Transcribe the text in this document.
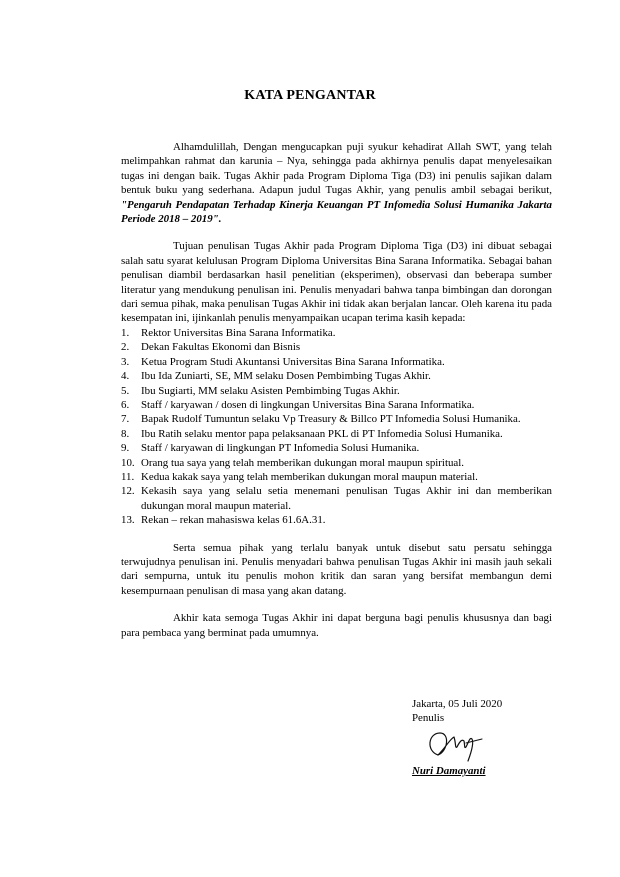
KATA PENGANTAR

Alhamdulillah, Dengan mengucapkan puji syukur kehadirat Allah SWT, yang telah melimpahkan rahmat dan karunia – Nya, sehingga pada akhirnya penulis dapat menyelesaikan tugas ini dengan baik. Tugas Akhir pada Program Diploma Tiga (D3) ini penulis sajikan dalam bentuk buku yang sederhana. Adapun judul Tugas Akhir, yang penulis ambil sebagai berikut, "Pengaruh Pendapatan Terhadap Kinerja Keuangan PT Infomedia Solusi Humanika Jakarta Periode 2018 – 2019".

Tujuan penulisan Tugas Akhir pada Program Diploma Tiga (D3) ini dibuat sebagai salah satu syarat kelulusan Program Diploma Universitas Bina Sarana Informatika. Sebagai bahan penulisan diambil berdasarkan hasil penelitian (eksperimen), observasi dan beberapa sumber literatur yang mendukung penulisan ini. Penulis menyadari bahwa tanpa bimbingan dan dorongan dari semua pihak, maka penulisan Tugas Akhir ini tidak akan berjalan lancar. Oleh karena itu pada kesempatan ini, ijinkanlah penulis menyampaikan ucapan terima kasih kepada:

1.	Rektor Universitas Bina Sarana Informatika.
2.	Dekan Fakultas Ekonomi dan Bisnis
3.	Ketua Program Studi Akuntansi Universitas Bina Sarana Informatika.
4.	Ibu Ida Zuniarti, SE, MM selaku Dosen Pembimbing Tugas Akhir.
5.	Ibu Sugiarti, MM selaku Asisten Pembimbing Tugas Akhir.
6.	Staff / karyawan / dosen di lingkungan Universitas Bina Sarana Informatika.
7.	Bapak Rudolf Tumuntun selaku Vp Treasury & Billco PT Infomedia Solusi Humanika.
8.	Ibu Ratih selaku mentor papa pelaksanaan PKL di PT Infomedia Solusi Humanika.
9.	Staff / karyawan di lingkungan PT Infomedia Solusi Humanika.
10. Orang tua saya yang telah memberikan dukungan moral maupun spiritual.
11. Kedua kakak saya yang telah memberikan dukungan moral maupun material.
12. Kekasih saya yang selalu setia menemani penulisan Tugas Akhir ini dan memberikan dukungan moral maupun material.
13. Rekan – rekan mahasiswa kelas 61.6A.31.

Serta semua pihak yang terlalu banyak untuk disebut satu persatu sehingga terwujudnya penulisan ini. Penulis menyadari bahwa penulisan Tugas Akhir ini masih jauh sekali dari sempurna, untuk itu penulis mohon kritik dan saran yang bersifat membangun demi kesempurnaan penulisan di masa yang akan datang.

Akhir kata semoga Tugas Akhir ini dapat berguna bagi penulis khususnya dan bagi para pembaca yang berminat pada umumnya.

Jakarta, 05 Juli 2020
Penulis
Nuri Damayanti
